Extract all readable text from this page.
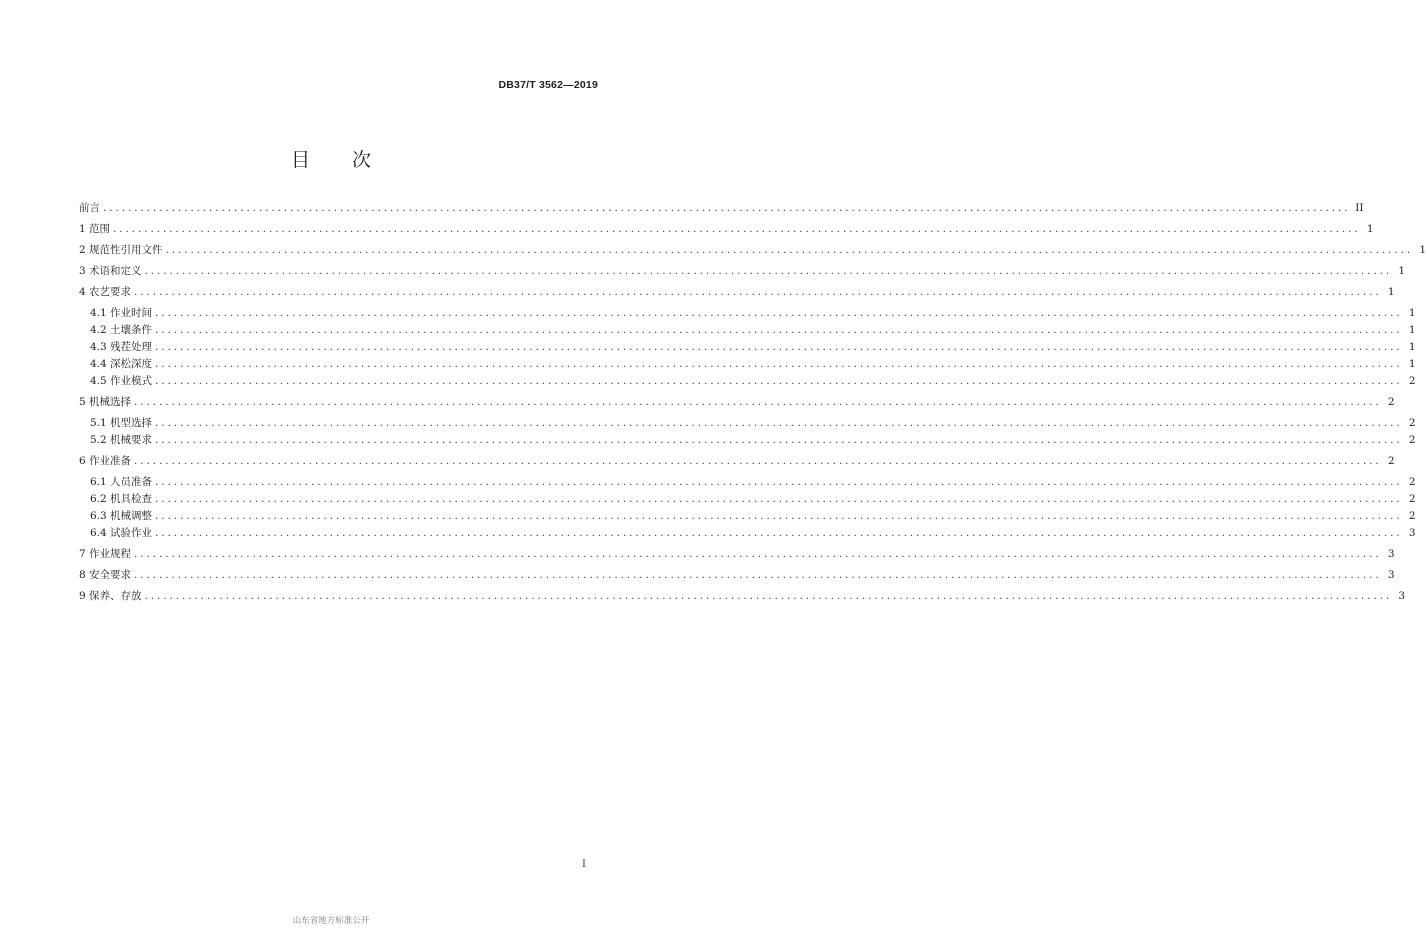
DB37/T 3562—2019
目 次
前言 ........................................................................................................................................................................................................ II
1 范围 ........................................................................................................................................................................................................ 1
2 规范性引用文件 ........................................................................................................................................................................................................ 1
3 术语和定义 ........................................................................................................................................................................................................ 1
4 农艺要求 ........................................................................................................................................................................................................ 1
4.1 作业时间 ........................................................................................................................................................................................................ 1
4.2 土壤条件 ........................................................................................................................................................................................................ 1
4.3 残茬处理 ........................................................................................................................................................................................................ 1
4.4 深松深度 ........................................................................................................................................................................................................ 1
4.5 作业模式 ........................................................................................................................................................................................................ 2
5 机械选择 ........................................................................................................................................................................................................ 2
5.1 机型选择 ........................................................................................................................................................................................................ 2
5.2 机械要求 ........................................................................................................................................................................................................ 2
6 作业准备 ........................................................................................................................................................................................................ 2
6.1 人员准备 ........................................................................................................................................................................................................ 2
6.2 机具检查 ........................................................................................................................................................................................................ 2
6.3 机械调整 ........................................................................................................................................................................................................ 2
6.4 试验作业 ........................................................................................................................................................................................................ 3
7 作业规程 ........................................................................................................................................................................................................ 3
8 安全要求 ........................................................................................................................................................................................................ 3
9 保养、存放 ........................................................................................................................................................................................................ 3
I
山东省地方标准公开
